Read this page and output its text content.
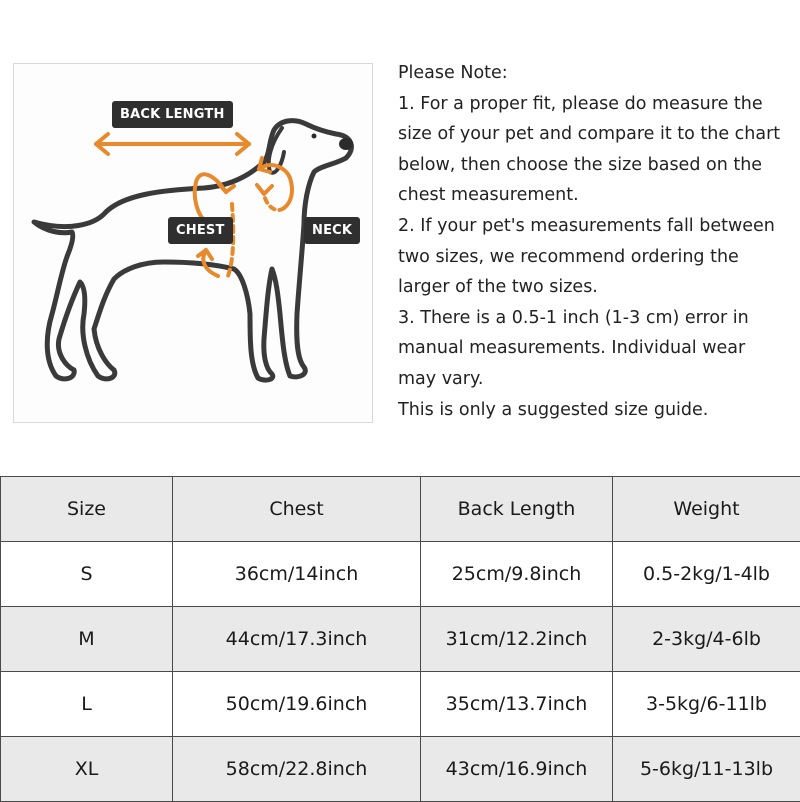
BACK LENGTH
CHEST	NECK
Please Note:
1. For a proper fit, please do measure the
size of your pet and compare it to the chart
below, then choose the size based on the
chest measurement.
2. If your pet's measurements fall between
two sizes, we recommend ordering the
larger of the two sizes.
3. There is a 0.5-1 inch (1-3 cm) error in
manual measurements. Individual wear
may vary.
This is only a suggested size guide.
Size	Chest	Back Length	Weight
S	36cm/14inch	25cm/9.8inch	0.5-2kg/1-4lb
M	44cm/17.3inch	31cm/12.2inch	2-3kg/4-6lb
L	50cm/19.6inch	35cm/13.7inch	3-5kg/6-11lb
XL	58cm/22.8inch	43cm/16.9inch	5-6kg/11-13lb
